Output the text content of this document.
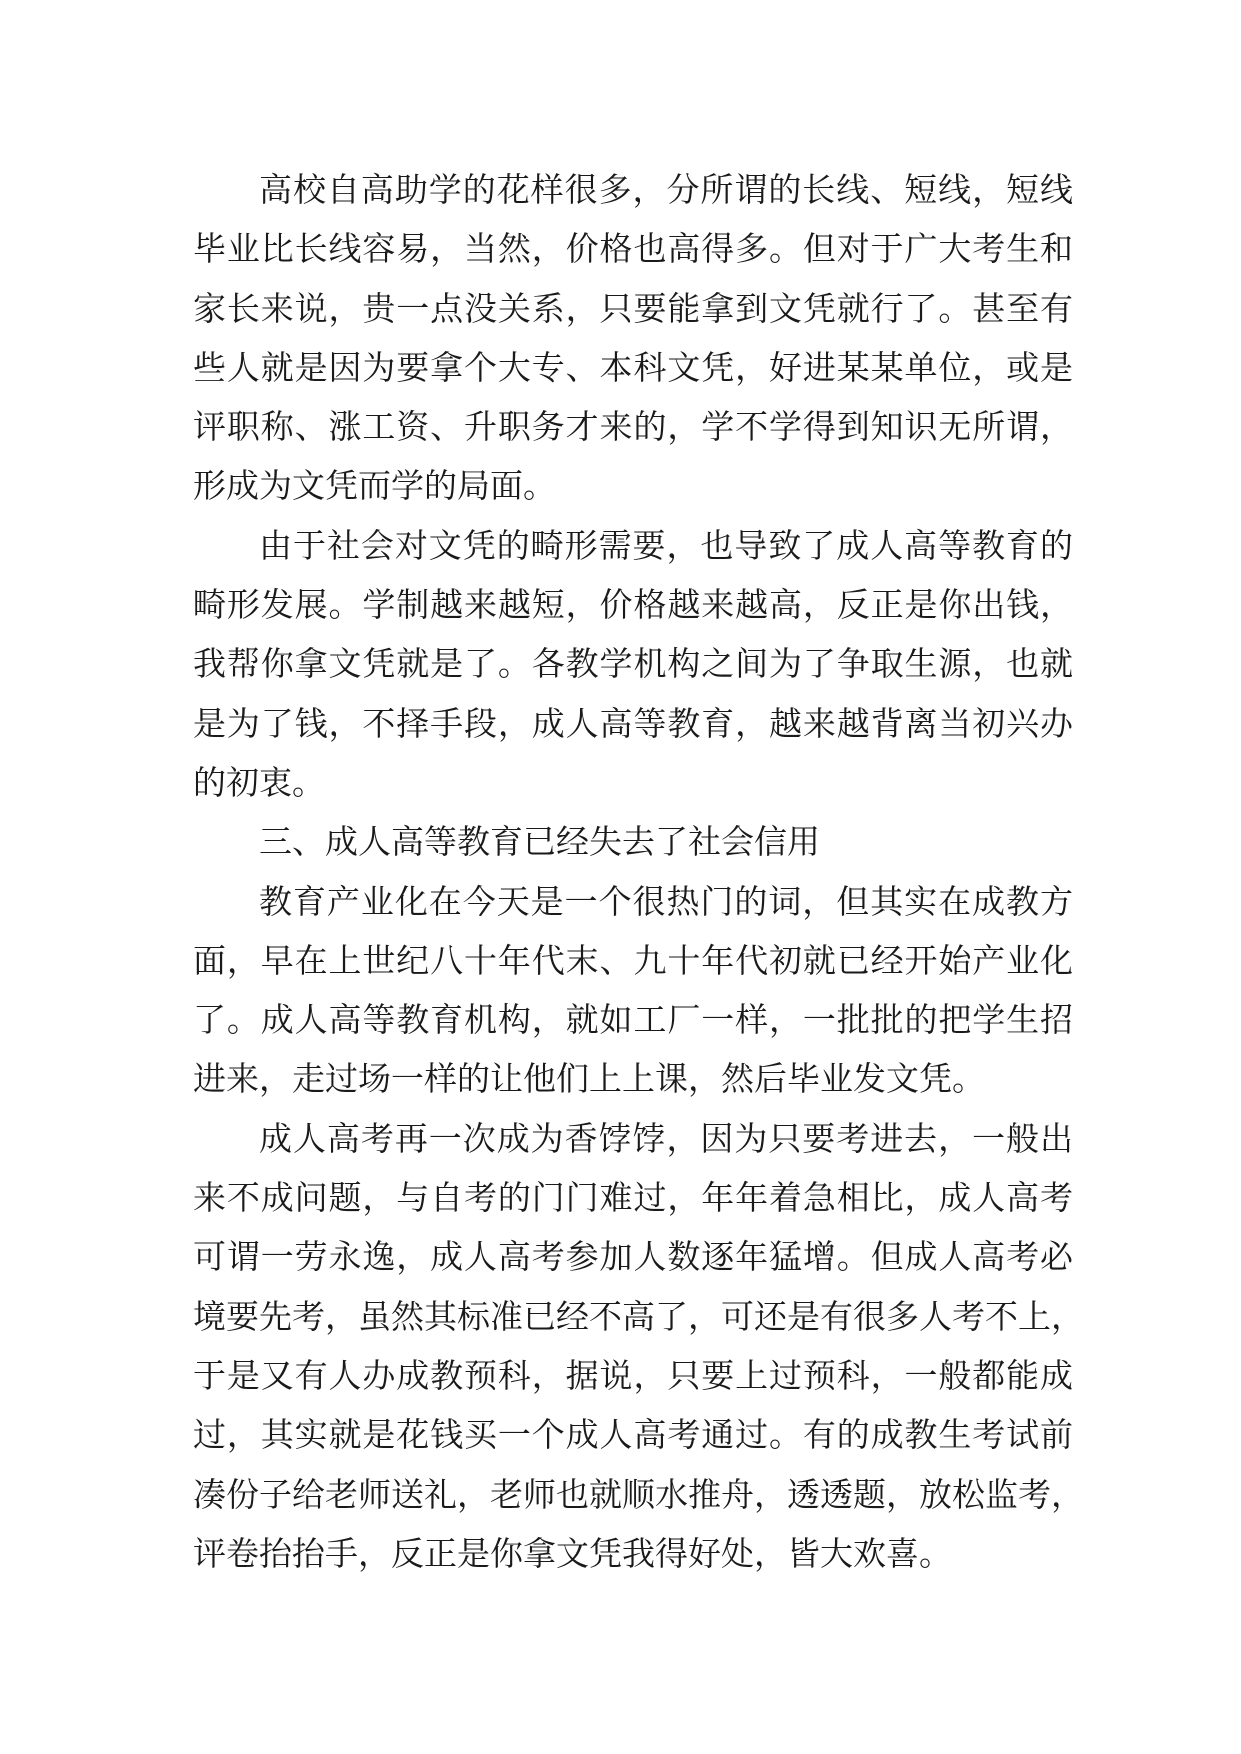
高校自高助学的花样很多，分所谓的长线、短线，短线
毕业比长线容易，当然，价格也高得多。但对于广大考生和
家长来说，贵一点没关系，只要能拿到文凭就行了。甚至有
些人就是因为要拿个大专、本科文凭，好进某某单位，或是
评职称、涨工资、升职务才来的，学不学得到知识无所谓，
形成为文凭而学的局面。
由于社会对文凭的畸形需要，也导致了成人高等教育的
畸形发展。学制越来越短，价格越来越高，反正是你出钱，
我帮你拿文凭就是了。各教学机构之间为了争取生源，也就
是为了钱，不择手段，成人高等教育，越来越背离当初兴办
的初衷。
三、成人高等教育已经失去了社会信用
教育产业化在今天是一个很热门的词，但其实在成教方
面，早在上世纪八十年代末、九十年代初就已经开始产业化
了。成人高等教育机构，就如工厂一样，一批批的把学生招
进来，走过场一样的让他们上上课，然后毕业发文凭。
成人高考再一次成为香饽饽，因为只要考进去，一般出
来不成问题，与自考的门门难过，年年着急相比，成人高考
可谓一劳永逸，成人高考参加人数逐年猛增。但成人高考必
境要先考，虽然其标准已经不高了，可还是有很多人考不上，
于是又有人办成教预科，据说，只要上过预科，一般都能成
过，其实就是花钱买一个成人高考通过。有的成教生考试前
凑份子给老师送礼，老师也就顺水推舟，透透题，放松监考，
评卷抬抬手，反正是你拿文凭我得好处，皆大欢喜。
